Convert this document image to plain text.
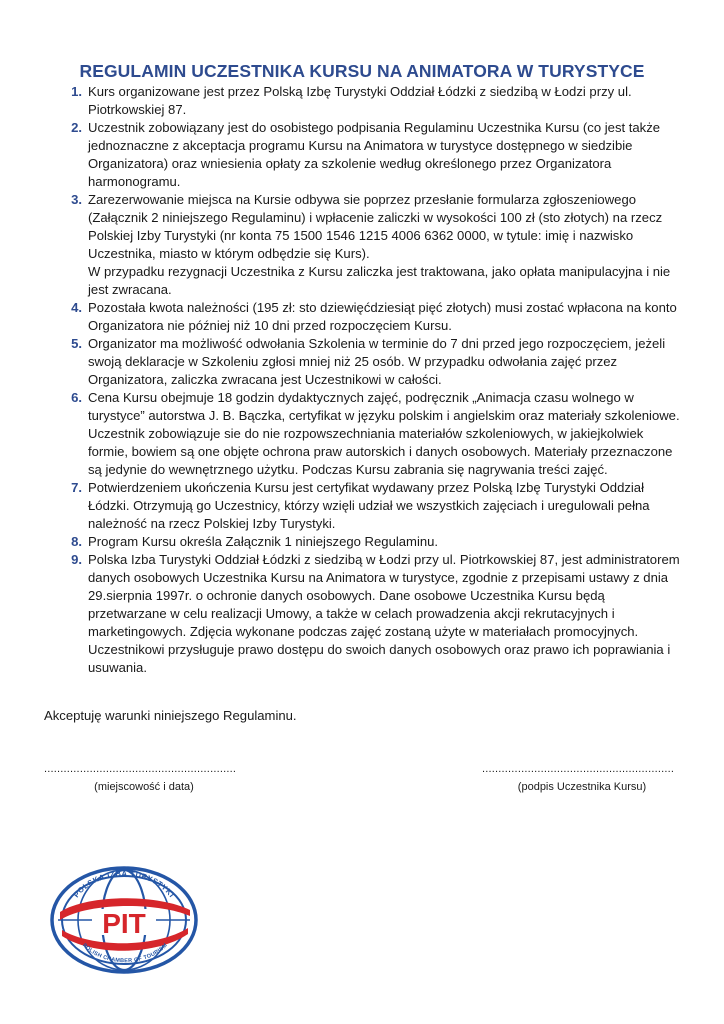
REGULAMIN UCZESTNIKA KURSU NA ANIMATORA W TURYSTYCE
1. Kurs organizowane jest przez Polską Izbę Turystyki Oddział Łódzki z siedzibą w Łodzi przy ul. Piotrkowskiej 87.
2. Uczestnik zobowiązany jest do osobistego podpisania Regulaminu Uczestnika Kursu (co jest także jednoznaczne z akceptacja programu Kursu na Animatora w turystyce dostępnego w siedzibie Organizatora) oraz wniesienia opłaty za szkolenie według określonego przez Organizatora harmonogramu.
3. Zarezerwowanie miejsca na Kursie odbywa sie poprzez przesłanie formularza zgłoszeniowego (Załącznik 2 niniejszego Regulaminu) i wpłacenie zaliczki w wysokości 100 zł (sto złotych) na rzecz Polskiej Izby Turystyki (nr konta 75 1500 1546 1215 4006 6362 0000, w tytule: imię i nazwisko Uczestnika, miasto w którym odbędzie się Kurs).
W przypadku rezygnacji Uczestnika z Kursu zaliczka jest traktowana, jako opłata manipulacyjna i nie jest zwracana.
4. Pozostała kwota należności (195 zł: sto dziewięćdziesiąt pięć złotych) musi zostać wpłacona na konto Organizatora nie później niż 10 dni przed rozpoczęciem Kursu.
5. Organizator ma możliwość odwołania Szkolenia w terminie do 7 dni przed jego rozpoczęciem, jeżeli swoją deklaracje w Szkoleniu zgłosi mniej niż 25 osób. W przypadku odwołania zajęć przez Organizatora, zaliczka zwracana jest Uczestnikowi w całości.
6. Cena Kursu obejmuje 18 godzin dydaktycznych zajęć, podręcznik „Animacja czasu wolnego w turystyce” autorstwa J. B. Bączka, certyfikat w języku polskim i angielskim oraz materiały szkoleniowe. Uczestnik zobowiązuje sie do nie rozpowszechniania materiałów szkoleniowych, w jakiejkolwiek formie, bowiem są one objęte ochrona praw autorskich i danych osobowych. Materiały przeznaczone są jedynie do wewnętrznego użytku. Podczas Kursu zabrania się nagrywania treści zajęć.
7. Potwierdzeniem ukończenia Kursu jest certyfikat wydawany przez Polską Izbę Turystyki Oddział Łódzki. Otrzymują go Uczestnicy, którzy wzięli udział we wszystkich zajęciach i uregulowali pełna należność na rzecz Polskiej Izby Turystyki.
8. Program Kursu określa Załącznik 1 niniejszego Regulaminu.
9. Polska Izba Turystyki Oddział Łódzki z siedzibą w Łodzi przy ul. Piotrkowskiej 87, jest administratorem danych osobowych Uczestnika Kursu na Animatora w turystyce, zgodnie z przepisami ustawy z dnia 29.sierpnia 1997r. o ochronie danych osobowych. Dane osobowe Uczestnika Kursu będą przetwarzane w celu realizacji Umowy, a także w celach prowadzenia akcji rekrutacyjnych i marketingowych. Zdjęcia wykonane podczas zajęć zostaną użyte w materiałach promocyjnych. Uczestnikowi przysługuje prawo dostępu do swoich danych osobowych oraz prawo ich poprawiania i usuwania.

Akceptuję warunki niniejszego Regulaminu.

...........................................................
(miejscowość i data)
...........................................................
(podpis Uczestnika Kursu)
POLSKA IZBA TURYSTYKI
POLISH CHAMBER OF TOURISM
PIT
